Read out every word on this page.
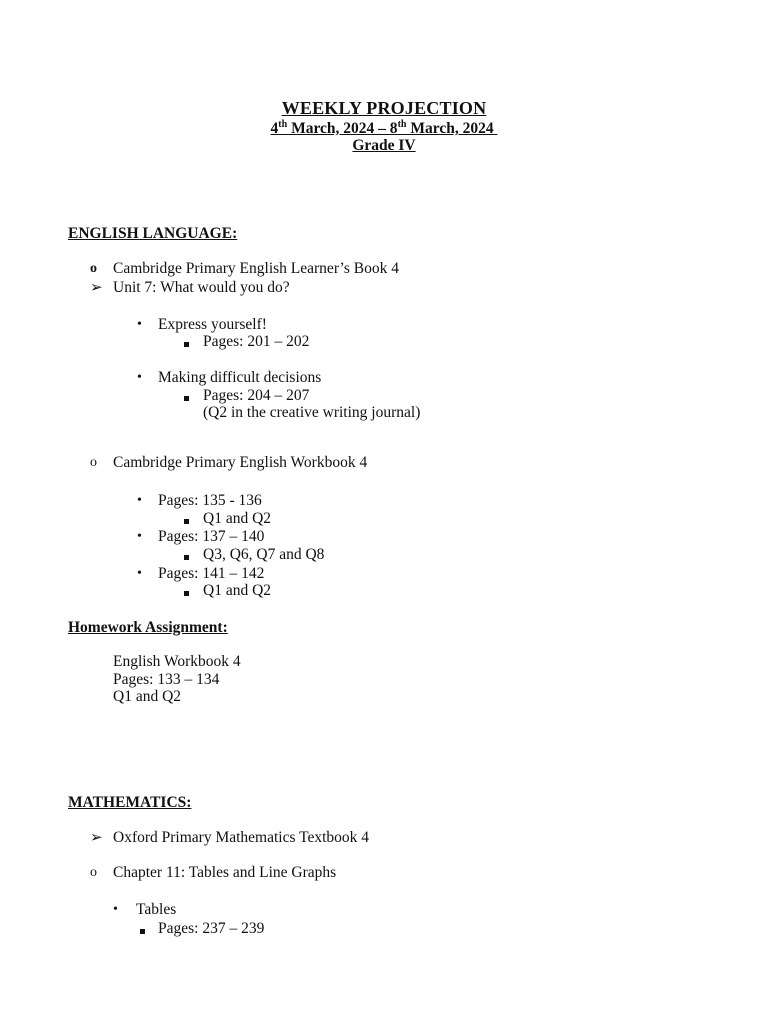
WEEKLY PROJECTION
4th March, 2024 – 8th March, 2024
Grade IV
ENGLISH LANGUAGE:
o Cambridge Primary English Learner’s Book 4
➢ Unit 7: What would you do?
• Express yourself!
Pages: 201 – 202
• Making difficult decisions
Pages: 204 – 207
(Q2 in the creative writing journal)
o Cambridge Primary English Workbook 4
• Pages: 135 - 136
Q1 and Q2
• Pages: 137 – 140
Q3, Q6, Q7 and Q8
• Pages: 141 – 142
Q1 and Q2
Homework Assignment:
English Workbook 4
Pages: 133 – 134
Q1 and Q2
MATHEMATICS:
➢ Oxford Primary Mathematics Textbook 4
o Chapter 11: Tables and Line Graphs
• Tables
Pages: 237 – 239
